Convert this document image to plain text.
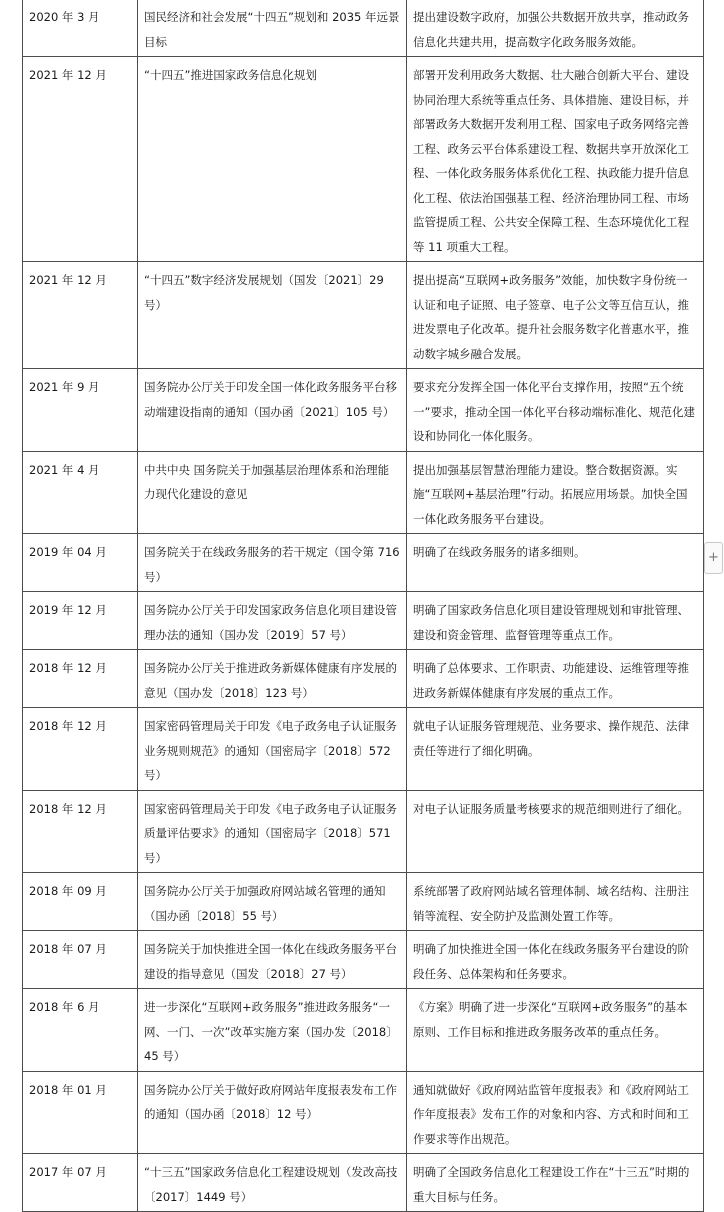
2020 年 3 月	国民经济和社会发展“十四五”规划和 2035 年远景目标	提出建设数字政府，加强公共数据开放共享，推动政务信息化共建共用，提高数字化政务服务效能。
2021 年 12 月	“十四五”推进国家政务信息化规划	部署开发利用政务大数据、壮大融合创新大平台、建设协同治理大系统等重点任务、具体措施、建设目标，并部署政务大数据开发利用工程、国家电子政务网络完善工程、政务云平台体系建设工程、数据共享开放深化工程、一体化政务服务体系优化工程、执政能力提升信息化工程、依法治国强基工程、经济治理协同工程、市场监管提质工程、公共安全保障工程、生态环境优化工程等 11 项重大工程。
2021 年 12 月	“十四五”数字经济发展规划（国发〔2021〕29 号）	提出提高“互联网+政务服务”效能，加快数字身份统一认证和电子证照、电子签章、电子公文等互信互认，推进发票电子化改革。提升社会服务数字化普惠水平，推动数字城乡融合发展。
2021 年 9 月	国务院办公厅关于印发全国一体化政务服务平台移动端建设指南的通知（国办函〔2021〕105 号）	要求充分发挥全国一体化平台支撑作用，按照“五个统一”要求，推动全国一体化平台移动端标准化、规范化建设和协同化一体化服务。
2021 年 4 月	中共中央 国务院关于加强基层治理体系和治理能力现代化建设的意见	提出加强基层智慧治理能力建设。整合数据资源。实施“互联网+基层治理”行动。拓展应用场景。加快全国一体化政务服务平台建设。
2019 年 04 月	国务院关于在线政务服务的若干规定（国令第 716 号）	明确了在线政务服务的诸多细则。
2019 年 12 月	国务院办公厅关于印发国家政务信息化项目建设管理办法的通知（国办发〔2019〕57 号）	明确了国家政务信息化项目建设管理规划和审批管理、建设和资金管理、监督管理等重点工作。
2018 年 12 月	国务院办公厅关于推进政务新媒体健康有序发展的意见（国办发〔2018〕123 号）	明确了总体要求、工作职责、功能建设、运维管理等推进政务新媒体健康有序发展的重点工作。
2018 年 12 月	国家密码管理局关于印发《电子政务电子认证服务业务规则规范》的通知（国密局字〔2018〕572 号）	就电子认证服务管理规范、业务要求、操作规范、法律责任等进行了细化明确。
2018 年 12 月	国家密码管理局关于印发《电子政务电子认证服务质量评估要求》的通知（国密局字〔2018〕571 号）	对电子认证服务质量考核要求的规范细则进行了细化。
2018 年 09 月	国务院办公厅关于加强政府网站域名管理的通知（国办函〔2018〕55 号）	系统部署了政府网站域名管理体制、域名结构、注册注销等流程、安全防护及监测处置工作等。
2018 年 07 月	国务院关于加快推进全国一体化在线政务服务平台建设的指导意见（国发〔2018〕27 号）	明确了加快推进全国一体化在线政务服务平台建设的阶段任务、总体架构和任务要求。
2018 年 6 月	进一步深化“互联网+政务服务”推进政务服务“一网、一门、一次”改革实施方案（国办发〔2018〕45 号）	《方案》明确了进一步深化“互联网+政务服务”的基本原则、工作目标和推进政务服务改革的重点任务。
2018 年 01 月	国务院办公厅关于做好政府网站年度报表发布工作的通知（国办函〔2018〕12 号）	通知就做好《政府网站监管年度报表》和《政府网站工作年度报表》发布工作的对象和内容、方式和时间和工作要求等作出规范。
2017 年 07 月	“十三五”国家政务信息化工程建设规划（发改高技〔2017〕1449 号）	明确了全国政务信息化工程建设工作在“十三五”时期的重大目标与任务。
+
